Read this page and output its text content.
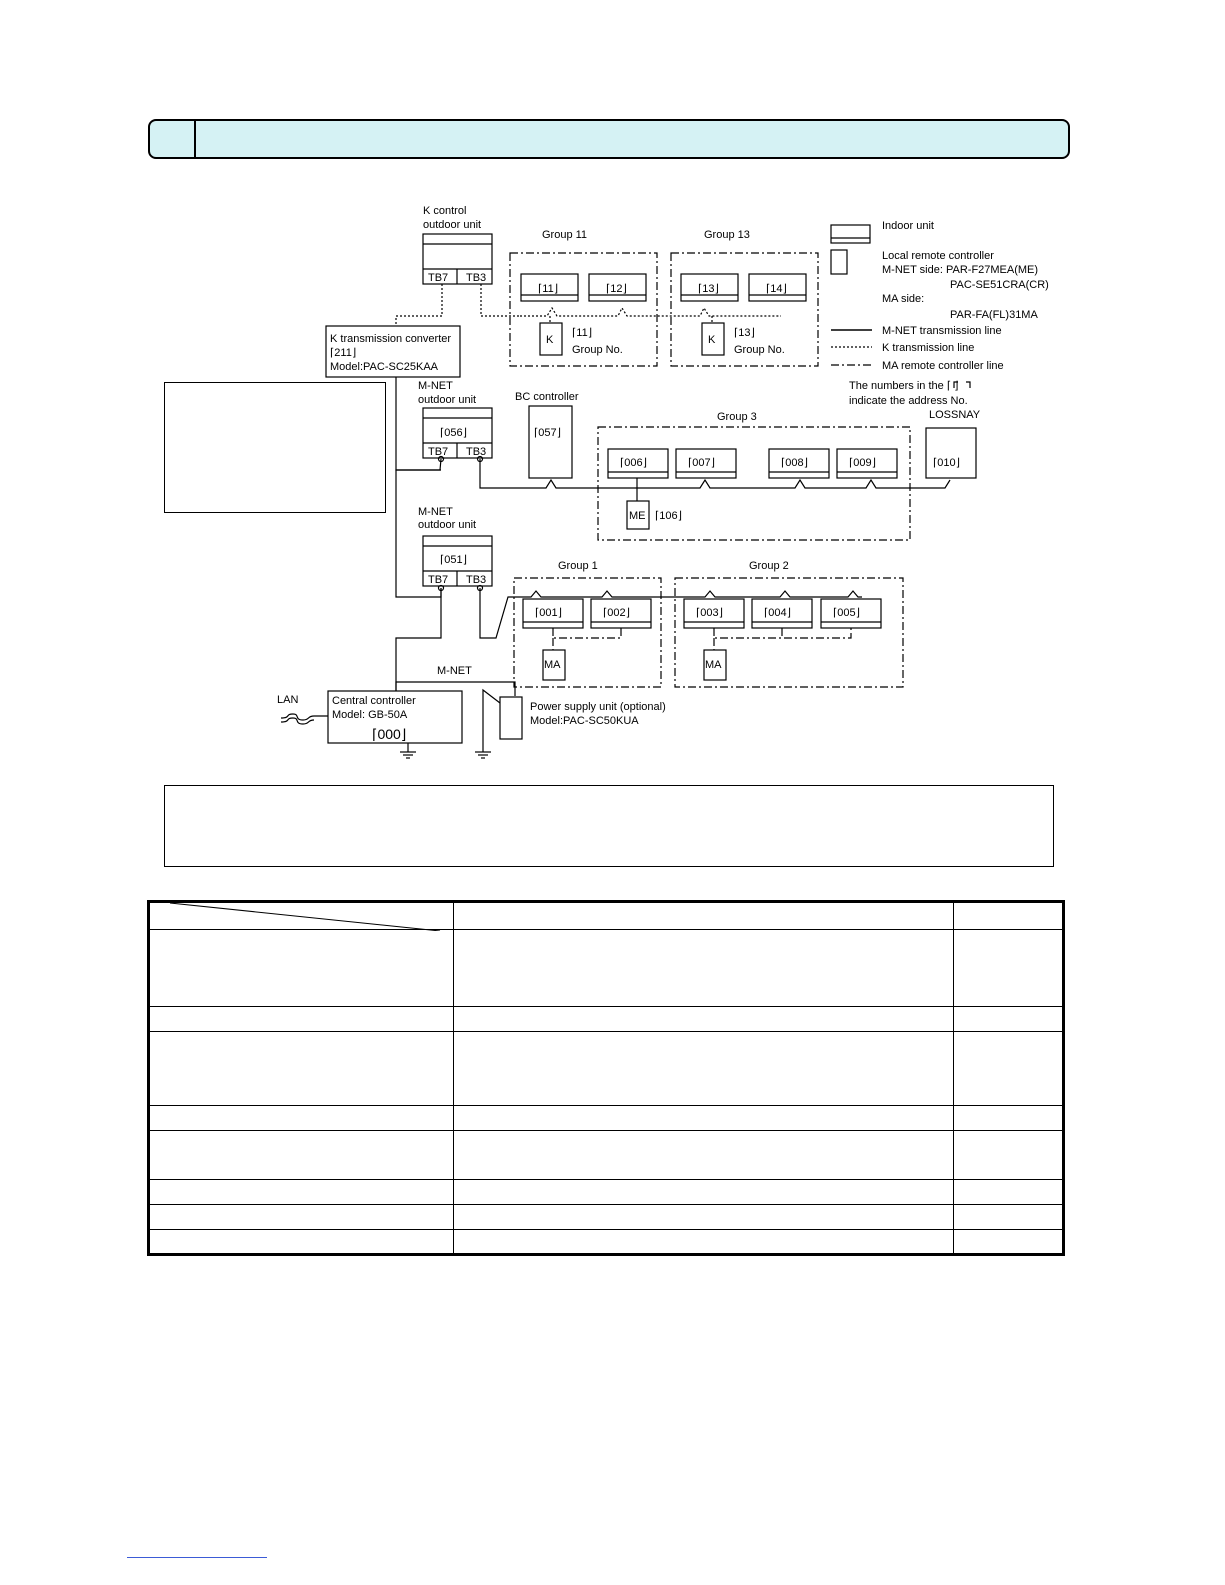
K control
outdoor unit
TB7 TB3
K transmission converter
⌈211⌋
Model:PAC-SC25KAA
Group 11
⌈11⌋	⌈12⌋
K
⌈11⌋
Group No.
Group 13
⌈13⌋	⌈14⌋
K
⌈13⌋
Group No.
Indoor unit
Local remote controller
M-NET side: PAR-F27MEA(ME)
PAC-SE51CRA(CR)
MA side:
PAR-FA(FL)31MA
M-NET transmission line
K transmission line
MA remote controller line
The numbers in the ⌈ ⌋
indicate the address No.
M-NET
outdoor unit
⌈056⌋
TB7 TB3
BC controller
⌈057⌋
Group 3
⌈006⌋	⌈007⌋	⌈008⌋	⌈009⌋
ME ⌈106⌋
LOSSNAY
⌈010⌋
M-NET
outdoor unit
⌈051⌋
TB7 TB3
Group 1
⌈001⌋	⌈002⌋
MA
Group 2
⌈003⌋	⌈004⌋	⌈005⌋
MA
M-NET
LAN	Central controller
Model: GB-50A
⌈000⌋
Power supply unit (optional)
Model:PAC-SC50KUA
